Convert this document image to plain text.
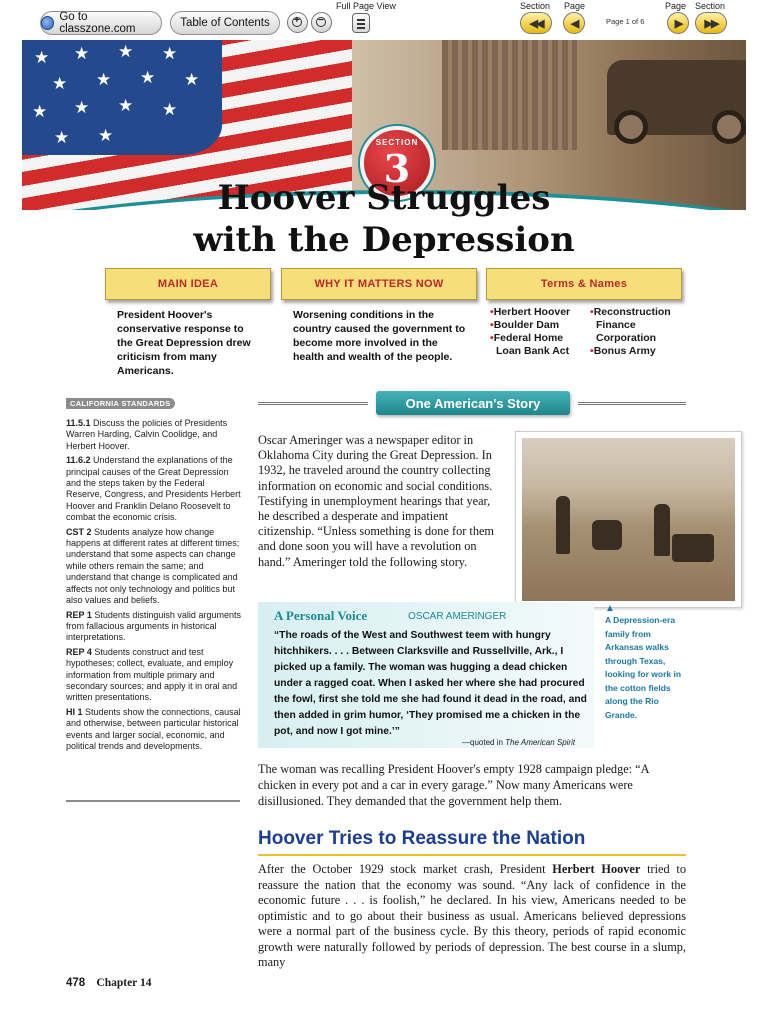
Go to classzone.com	Table of Contents + −
Full Page View	Section Page
◀◀	◀	Page 1 of 6
Page Section
▶ ▶▶
★ ★ ★ ★
★ ★ ★ ★
★ ★ ★ ★
★ ★	SECTION
3
Hoover Struggles
with the Depression
MAIN IDEA	WHY IT MATTERS NOW	Terms & Names
President Hoover's conservative response to the Great Depression drew criticism from many Americans.
Worsening conditions in the country caused the government to become more involved in the health and wealth of the people.
•Herbert Hoover
•Boulder Dam
•Federal Home Loan Bank Act
•Reconstruction Finance Corporation
•Bonus Army
CALIFORNIA STANDARDS

11.5.1 Discuss the policies of Presidents Warren Harding, Calvin Coolidge, and Herbert Hoover.

11.6.2 Understand the explanations of the principal causes of the Great Depression and the steps taken by the Federal Reserve, Congress, and Presidents Herbert Hoover and Franklin Delano Roosevelt to combat the economic crisis.

CST 2 Students analyze how change happens at different rates at different times; understand that some aspects can change while others remain the same; and understand that change is complicated and affects not only technology and politics but also values and beliefs.

REP 1 Students distinguish valid arguments from fallacious arguments in historical interpretations.

REP 4 Students construct and test hypotheses; collect, evaluate, and employ information from multiple primary and secondary sources; and apply it in oral and written presentations.

HI 1 Students show the connections, causal and otherwise, between particular historical events and larger social, economic, and political trends and developments.

One American's Story
Oscar Ameringer was a newspaper editor in Oklahoma City during the Great Depression. In 1932, he traveled around the country collecting information on economic and social conditions. Testifying in unemployment hearings that year, he described a desperate and impatient citizenship. “Unless something is done for them and done soon you will have a revolution on hand.” Ameringer told the following story.
▲
A Depression-era family from Arkansas walks through Texas, looking for work in the cotton fields along the Rio Grande.
A Personal Voice	OSCAR AMERINGER
“The roads of the West and Southwest teem with hungry hitchhikers. . . . Between Clarksville and Russellville, Ark., I picked up a family. The woman was hugging a dead chicken under a ragged coat. When I asked her where she had procured the fowl, first she told me she had found it dead in the road, and then added in grim humor, ‘They promised me a chicken in the pot, and now I got mine.’”
—quoted in The American Spirit
The woman was recalling President Hoover's empty 1928 campaign pledge: “A chicken in every pot and a car in every garage.” Now many Americans were disillusioned. They demanded that the government help them.
Hoover Tries to Reassure the Nation
After the October 1929 stock market crash, President Herbert Hoover tried to reassure the nation that the economy was sound. “Any lack of confidence in the economic future . . . is foolish,” he declared. In his view, Americans needed to be optimistic and to go about their business as usual. Americans believed depressions were a normal part of the business cycle. By this theory, periods of rapid economic growth were naturally followed by periods of depression. The best course in a slump, many
478 Chapter 14
